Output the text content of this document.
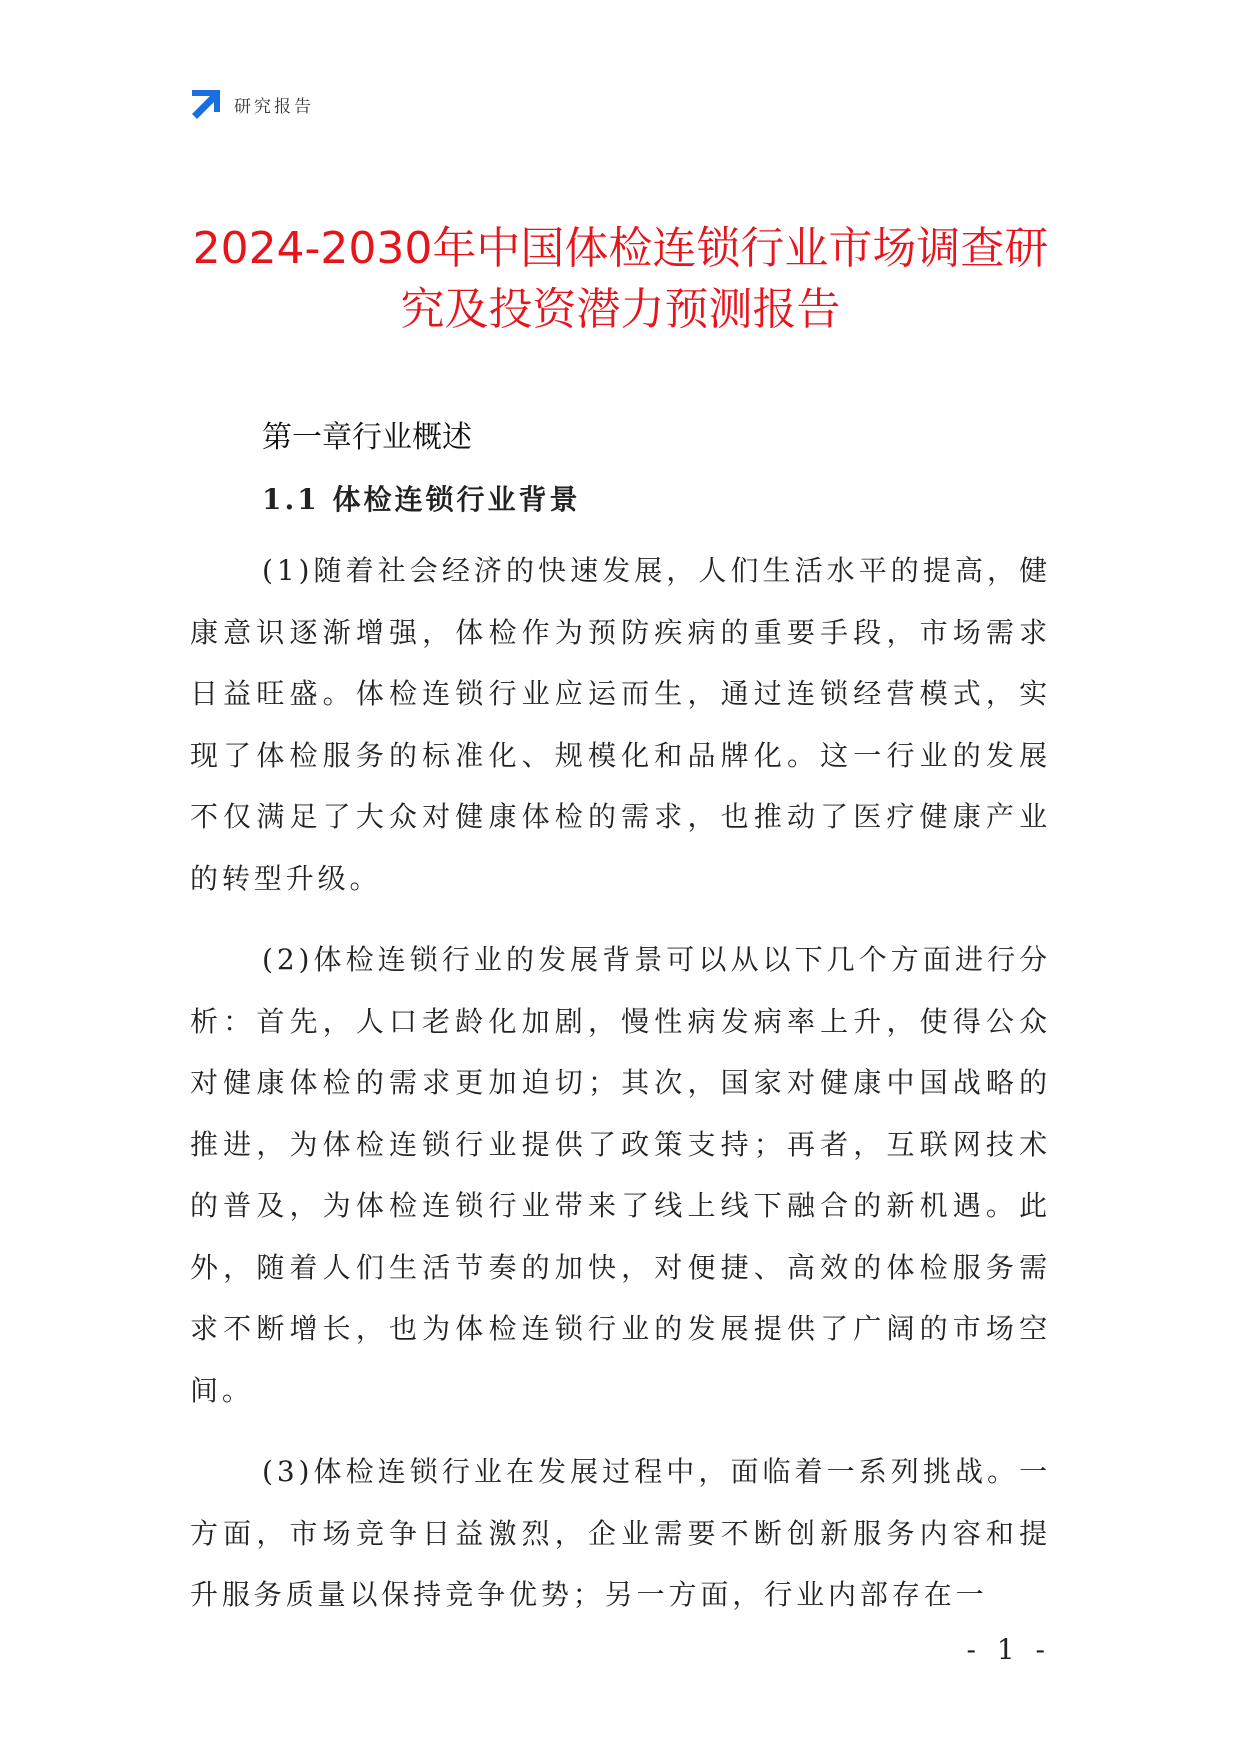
研究报告
2024-2030年中国体检连锁行业市场调查研
究及投资潜力预测报告
第一章行业概述
1.1 体检连锁行业背景

(1)随着社会经济的快速发展，人们生活水平的提高，健康意识逐渐增强，体检作为预防疾病的重要手段，市场需求日益旺盛。体检连锁行业应运而生，通过连锁经营模式，实现了体检服务的标准化、规模化和品牌化。这一行业的发展不仅满足了大众对健康体检的需求，也推动了医疗健康产业的转型升级。

(2)体检连锁行业的发展背景可以从以下几个方面进行分析：首先，人口老龄化加剧，慢性病发病率上升，使得公众对健康体检的需求更加迫切；其次，国家对健康中国战略的推进，为体检连锁行业提供了政策支持；再者，互联网技术的普及，为体检连锁行业带来了线上线下融合的新机遇。此外，随着人们生活节奏的加快，对便捷、高效的体检服务需求不断增长，也为体检连锁行业的发展提供了广阔的市场空间。

(3)体检连锁行业在发展过程中，面临着一系列挑战。一方面，市场竞争日益激烈，企业需要不断创新服务内容和提升服务质量以保持竞争优势；另一方面，行业内部存在一

- 1 -
